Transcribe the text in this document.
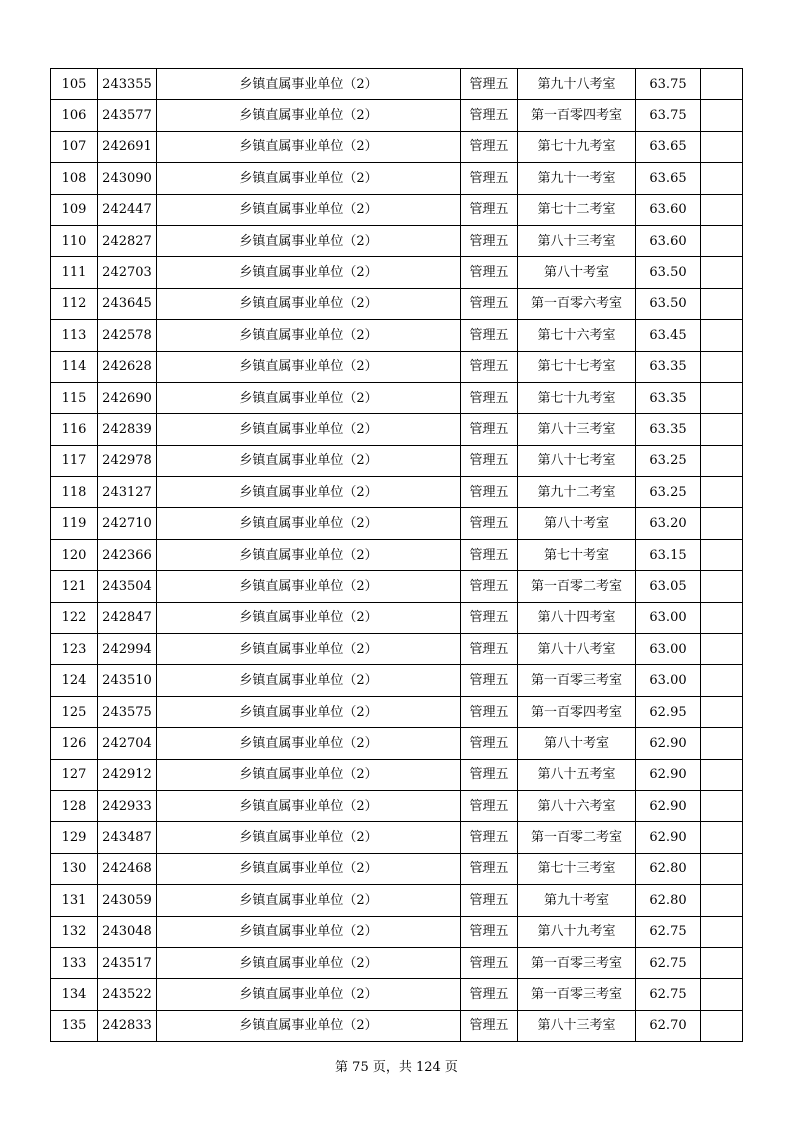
105	243355	乡镇直属事业单位（2）	管理五	第九十八考室	63.75	
106	243577	乡镇直属事业单位（2）	管理五	第一百零四考室	63.75	
107	242691	乡镇直属事业单位（2）	管理五	第七十九考室	63.65	
108	243090	乡镇直属事业单位（2）	管理五	第九十一考室	63.65	
109	242447	乡镇直属事业单位（2）	管理五	第七十二考室	63.60	
110	242827	乡镇直属事业单位（2）	管理五	第八十三考室	63.60	
111	242703	乡镇直属事业单位（2）	管理五	第八十考室	63.50	
112	243645	乡镇直属事业单位（2）	管理五	第一百零六考室	63.50	
113	242578	乡镇直属事业单位（2）	管理五	第七十六考室	63.45	
114	242628	乡镇直属事业单位（2）	管理五	第七十七考室	63.35	
115	242690	乡镇直属事业单位（2）	管理五	第七十九考室	63.35	
116	242839	乡镇直属事业单位（2）	管理五	第八十三考室	63.35	
117	242978	乡镇直属事业单位（2）	管理五	第八十七考室	63.25	
118	243127	乡镇直属事业单位（2）	管理五	第九十二考室	63.25	
119	242710	乡镇直属事业单位（2）	管理五	第八十考室	63.20	
120	242366	乡镇直属事业单位（2）	管理五	第七十考室	63.15	
121	243504	乡镇直属事业单位（2）	管理五	第一百零二考室	63.05	
122	242847	乡镇直属事业单位（2）	管理五	第八十四考室	63.00	
123	242994	乡镇直属事业单位（2）	管理五	第八十八考室	63.00	
124	243510	乡镇直属事业单位（2）	管理五	第一百零三考室	63.00	
125	243575	乡镇直属事业单位（2）	管理五	第一百零四考室	62.95	
126	242704	乡镇直属事业单位（2）	管理五	第八十考室	62.90	
127	242912	乡镇直属事业单位（2）	管理五	第八十五考室	62.90	
128	242933	乡镇直属事业单位（2）	管理五	第八十六考室	62.90	
129	243487	乡镇直属事业单位（2）	管理五	第一百零二考室	62.90	
130	242468	乡镇直属事业单位（2）	管理五	第七十三考室	62.80	
131	243059	乡镇直属事业单位（2）	管理五	第九十考室	62.80	
132	243048	乡镇直属事业单位（2）	管理五	第八十九考室	62.75	
133	243517	乡镇直属事业单位（2）	管理五	第一百零三考室	62.75	
134	243522	乡镇直属事业单位（2）	管理五	第一百零三考室	62.75	
135	242833	乡镇直属事业单位（2）	管理五	第八十三考室	62.70	
第 75 页，共 124 页
